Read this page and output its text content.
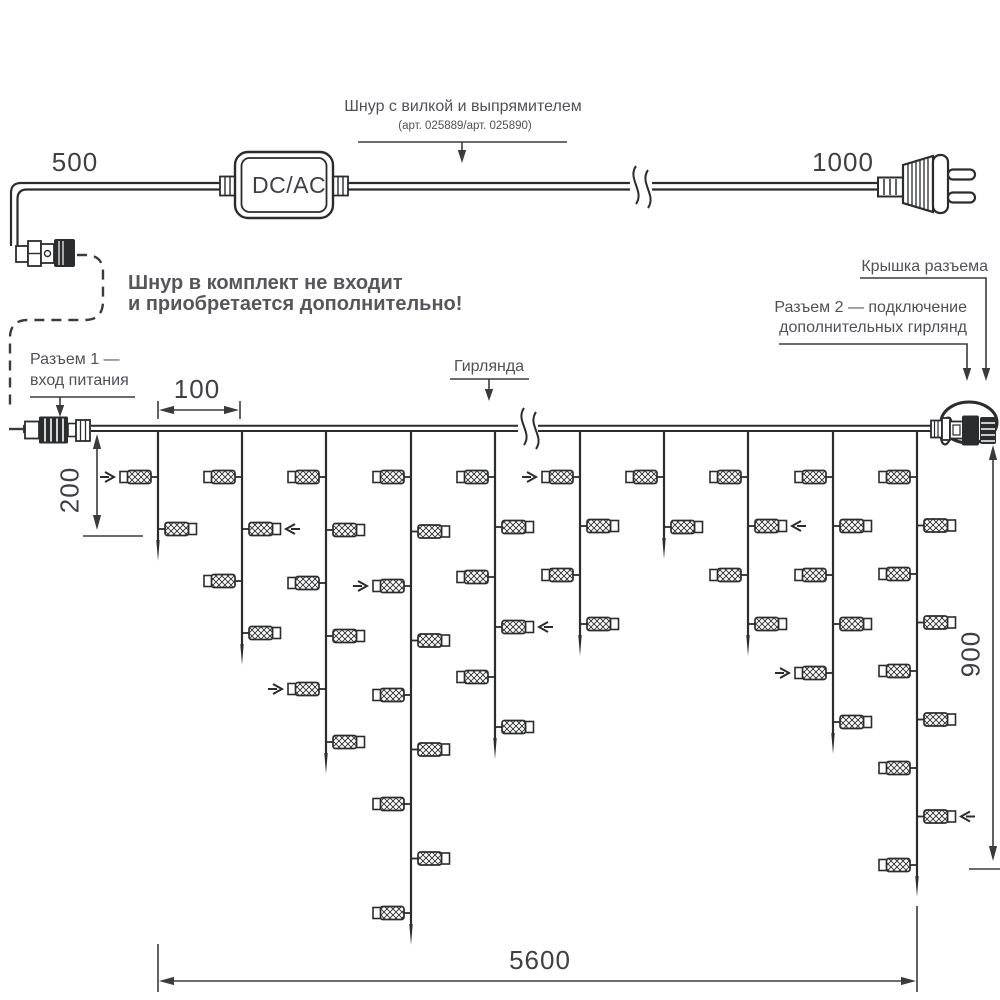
Шнур с вилкой и выпрямителем
(арт. 025889/арт. 025890)
500	1000
DC/AC
Шнур в комплект не входит
и приобретается дополнительно!
Разъем 1 —
вход питания 100
Гирлянда
Крышка разъема
Разъем 2 — подключение
дополнительных гирлянд
200
900
5600
